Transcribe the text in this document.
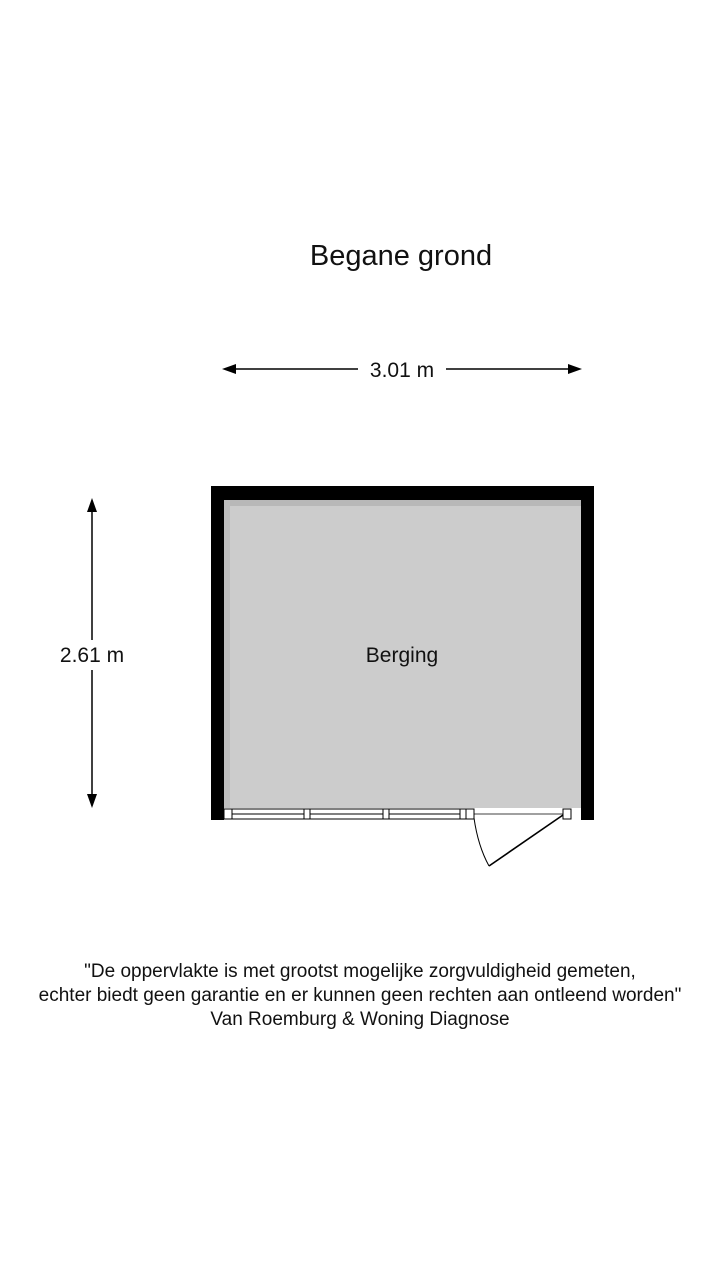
Begane grond
3.01 m
2.61 m	Berging
"De oppervlakte is met grootst mogelijke zorgvuldigheid gemeten,
echter biedt geen garantie en er kunnen geen rechten aan ontleend worden"
Van Roemburg & Woning Diagnose
